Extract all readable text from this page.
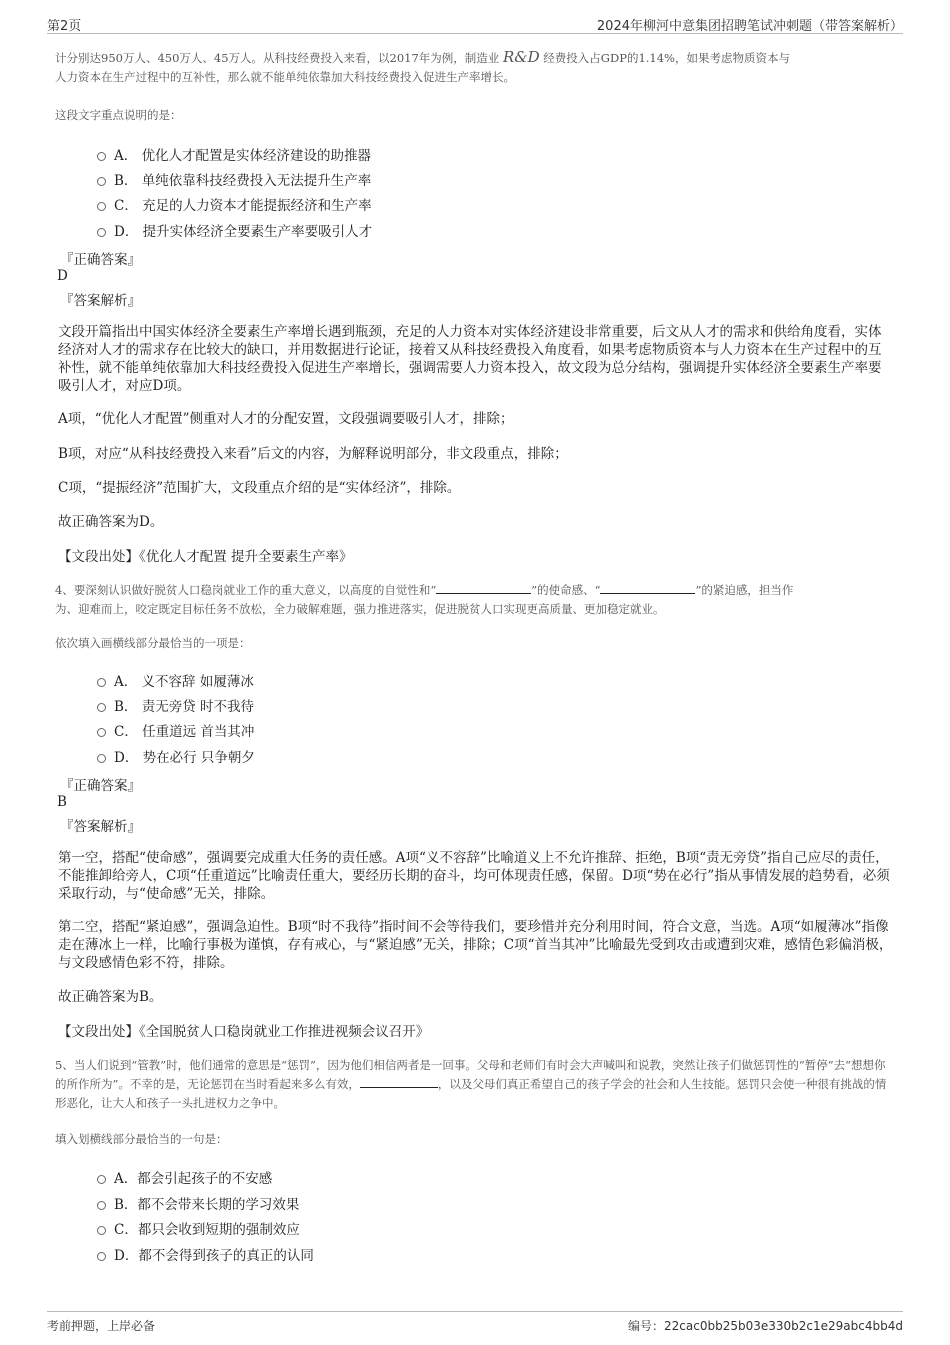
第2页	2024年柳河中意集团招聘笔试冲刺题（带答案解析）
计分别达950万人、450万人、45万人。从科技经费投入来看，以2017年为例，制造业 R&D 经费投入占GDP的1.14%，如果考虑物质资本与
人力资本在生产过程中的互补性，那么就不能单纯依靠加大科技经费投入促进生产率增长。
这段文字重点说明的是：
A． 优化人才配置是实体经济建设的助推器
B． 单纯依靠科技经费投入无法提升生产率
C． 充足的人力资本才能提振经济和生产率
D． 提升实体经济全要素生产率要吸引人才
『正确答案』
D
『答案解析』
文段开篇指出中国实体经济全要素生产率增长遇到瓶颈，充足的人力资本对实体经济建设非常重要，后文从人才的需求和供给角度看，实体经济对人才的需求存在比较大的缺口，并用数据进行论证，接着又从科技经费投入角度看，如果考虑物质资本与人力资本在生产过程中的互补性，就不能单纯依靠加大科技经费投入促进生产率增长，强调需要人力资本投入，故文段为总分结构，强调提升实体经济全要素生产率要吸引人才，对应D项。
A项，“优化人才配置”侧重对人才的分配安置，文段强调要吸引人才，排除；
B项，对应“从科技经费投入来看”后文的内容，为解释说明部分，非文段重点，排除；
C项，“提振经济”范围扩大，文段重点介绍的是“实体经济”，排除。
故正确答案为D。
【文段出处】《优化人才配置 提升全要素生产率》
4、要深刻认识做好脱贫人口稳岗就业工作的重大意义，以高度的自觉性和“	”的使命感、“	”的紧迫感，担当作
为、迎难而上，咬定既定目标任务不放松，全力破解难题，强力推进落实，促进脱贫人口实现更高质量、更加稳定就业。
依次填入画横线部分最恰当的一项是：
A． 义不容辞 如履薄冰
B． 责无旁贷 时不我待
C． 任重道远 首当其冲
D． 势在必行 只争朝夕
『正确答案』
B
『答案解析』
第一空，搭配“使命感”，强调要完成重大任务的责任感。A项“义不容辞”比喻道义上不允许推辞、拒绝，B项“责无旁贷”指自己应尽的责任，不能推卸给旁人，C项“任重道远”比喻责任重大，要经历长期的奋斗，均可体现责任感，保留。D项“势在必行”指从事情发展的趋势看，必须采取行动，与“使命感”无关，排除。
第二空，搭配“紧迫感”，强调急迫性。B项“时不我待”指时间不会等待我们，要珍惜并充分利用时间，符合文意，当选。A项“如履薄冰”指像走在薄冰上一样，比喻行事极为谨慎，存有戒心，与“紧迫感”无关，排除；C项“首当其冲”比喻最先受到攻击或遭到灾难，感情色彩偏消极，与文段感情色彩不符，排除。
故正确答案为B。
【文段出处】《全国脱贫人口稳岗就业工作推进视频会议召开》
5、当人们说到“管教”时，他们通常的意思是“惩罚”，因为他们相信两者是一回事。父母和老师们有时会大声喊叫和说教，突然让孩子们做惩罚性的“暂停”去“想想你的所作所为”。不幸的是，无论惩罚在当时看起来多么有效，	，以及父母们真正希望自己的孩子学会的社会和人生技能。惩罚只会使一种很有挑战的情形恶化，让大人和孩子一头扎进权力之争中。
填入划横线部分最恰当的一句是：
A．都会引起孩子的不安感
B．都不会带来长期的学习效果
C．都只会收到短期的强制效应
D．都不会得到孩子的真正的认同
考前押题，上岸必备	编号：22cac0bb25b03e330b2c1e29abc4bb4d
